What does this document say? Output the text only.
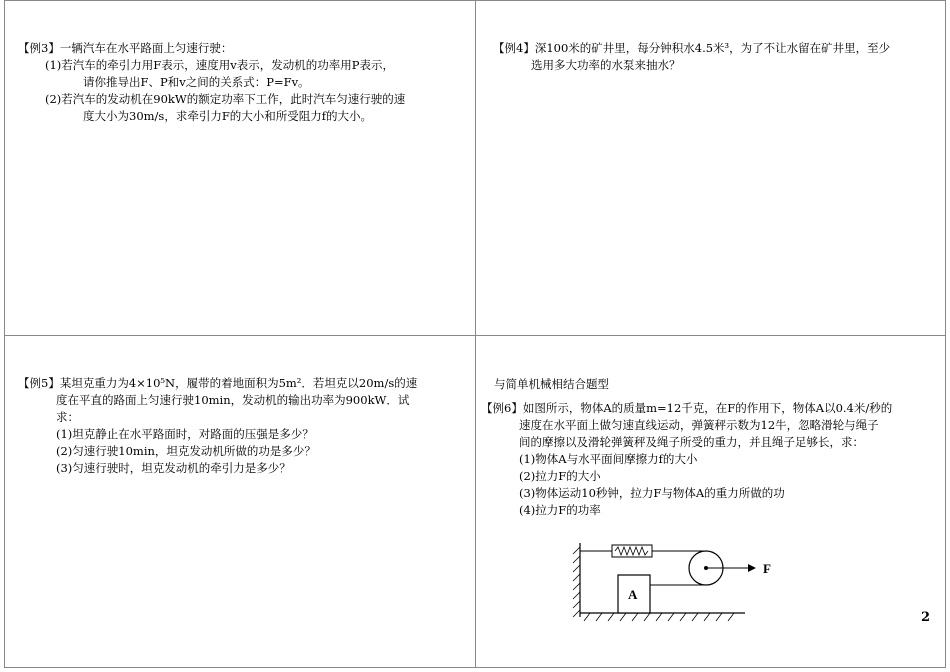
【例3】一辆汽车在水平路面上匀速行驶：
(1)若汽车的牵引力用F表示，速度用v表示，发动机的功率用P表示，
请你推导出F、P和v之间的关系式：P=Fv。
(2)若汽车的发动机在90kW的额定功率下工作，此时汽车匀速行驶的速
度大小为30m/s，求牵引力F的大小和所受阻力f的大小。
【例4】深100米的矿井里，每分钟积水4.5米³，为了不让水留在矿井里，至少
选用多大功率的水泵来抽水？
【例5】某坦克重力为4×10⁵N，履带的着地面积为5m²．若坦克以20m/s的速
度在平直的路面上匀速行驶10min，发动机的输出功率为900kW．试
求：
(1)坦克静止在水平路面时，对路面的压强是多少？
(2)匀速行驶10min，坦克发动机所做的功是多少？
(3)匀速行驶时，坦克发动机的牵引力是多少？
与简单机械相结合题型
【例6】如图所示，物体A的质量m=12千克，在F的作用下，物体A以0.4米/秒的
速度在水平面上做匀速直线运动，弹簧秤示数为12牛，忽略滑轮与绳子
间的摩擦以及滑轮弹簧秤及绳子所受的重力，并且绳子足够长，求：
(1)物体A与水平面间摩擦力f的大小
(2)拉力F的大小
(3)物体运动10秒钟，拉力F与物体A的重力所做的功
(4)拉力F的功率
F
A
2
